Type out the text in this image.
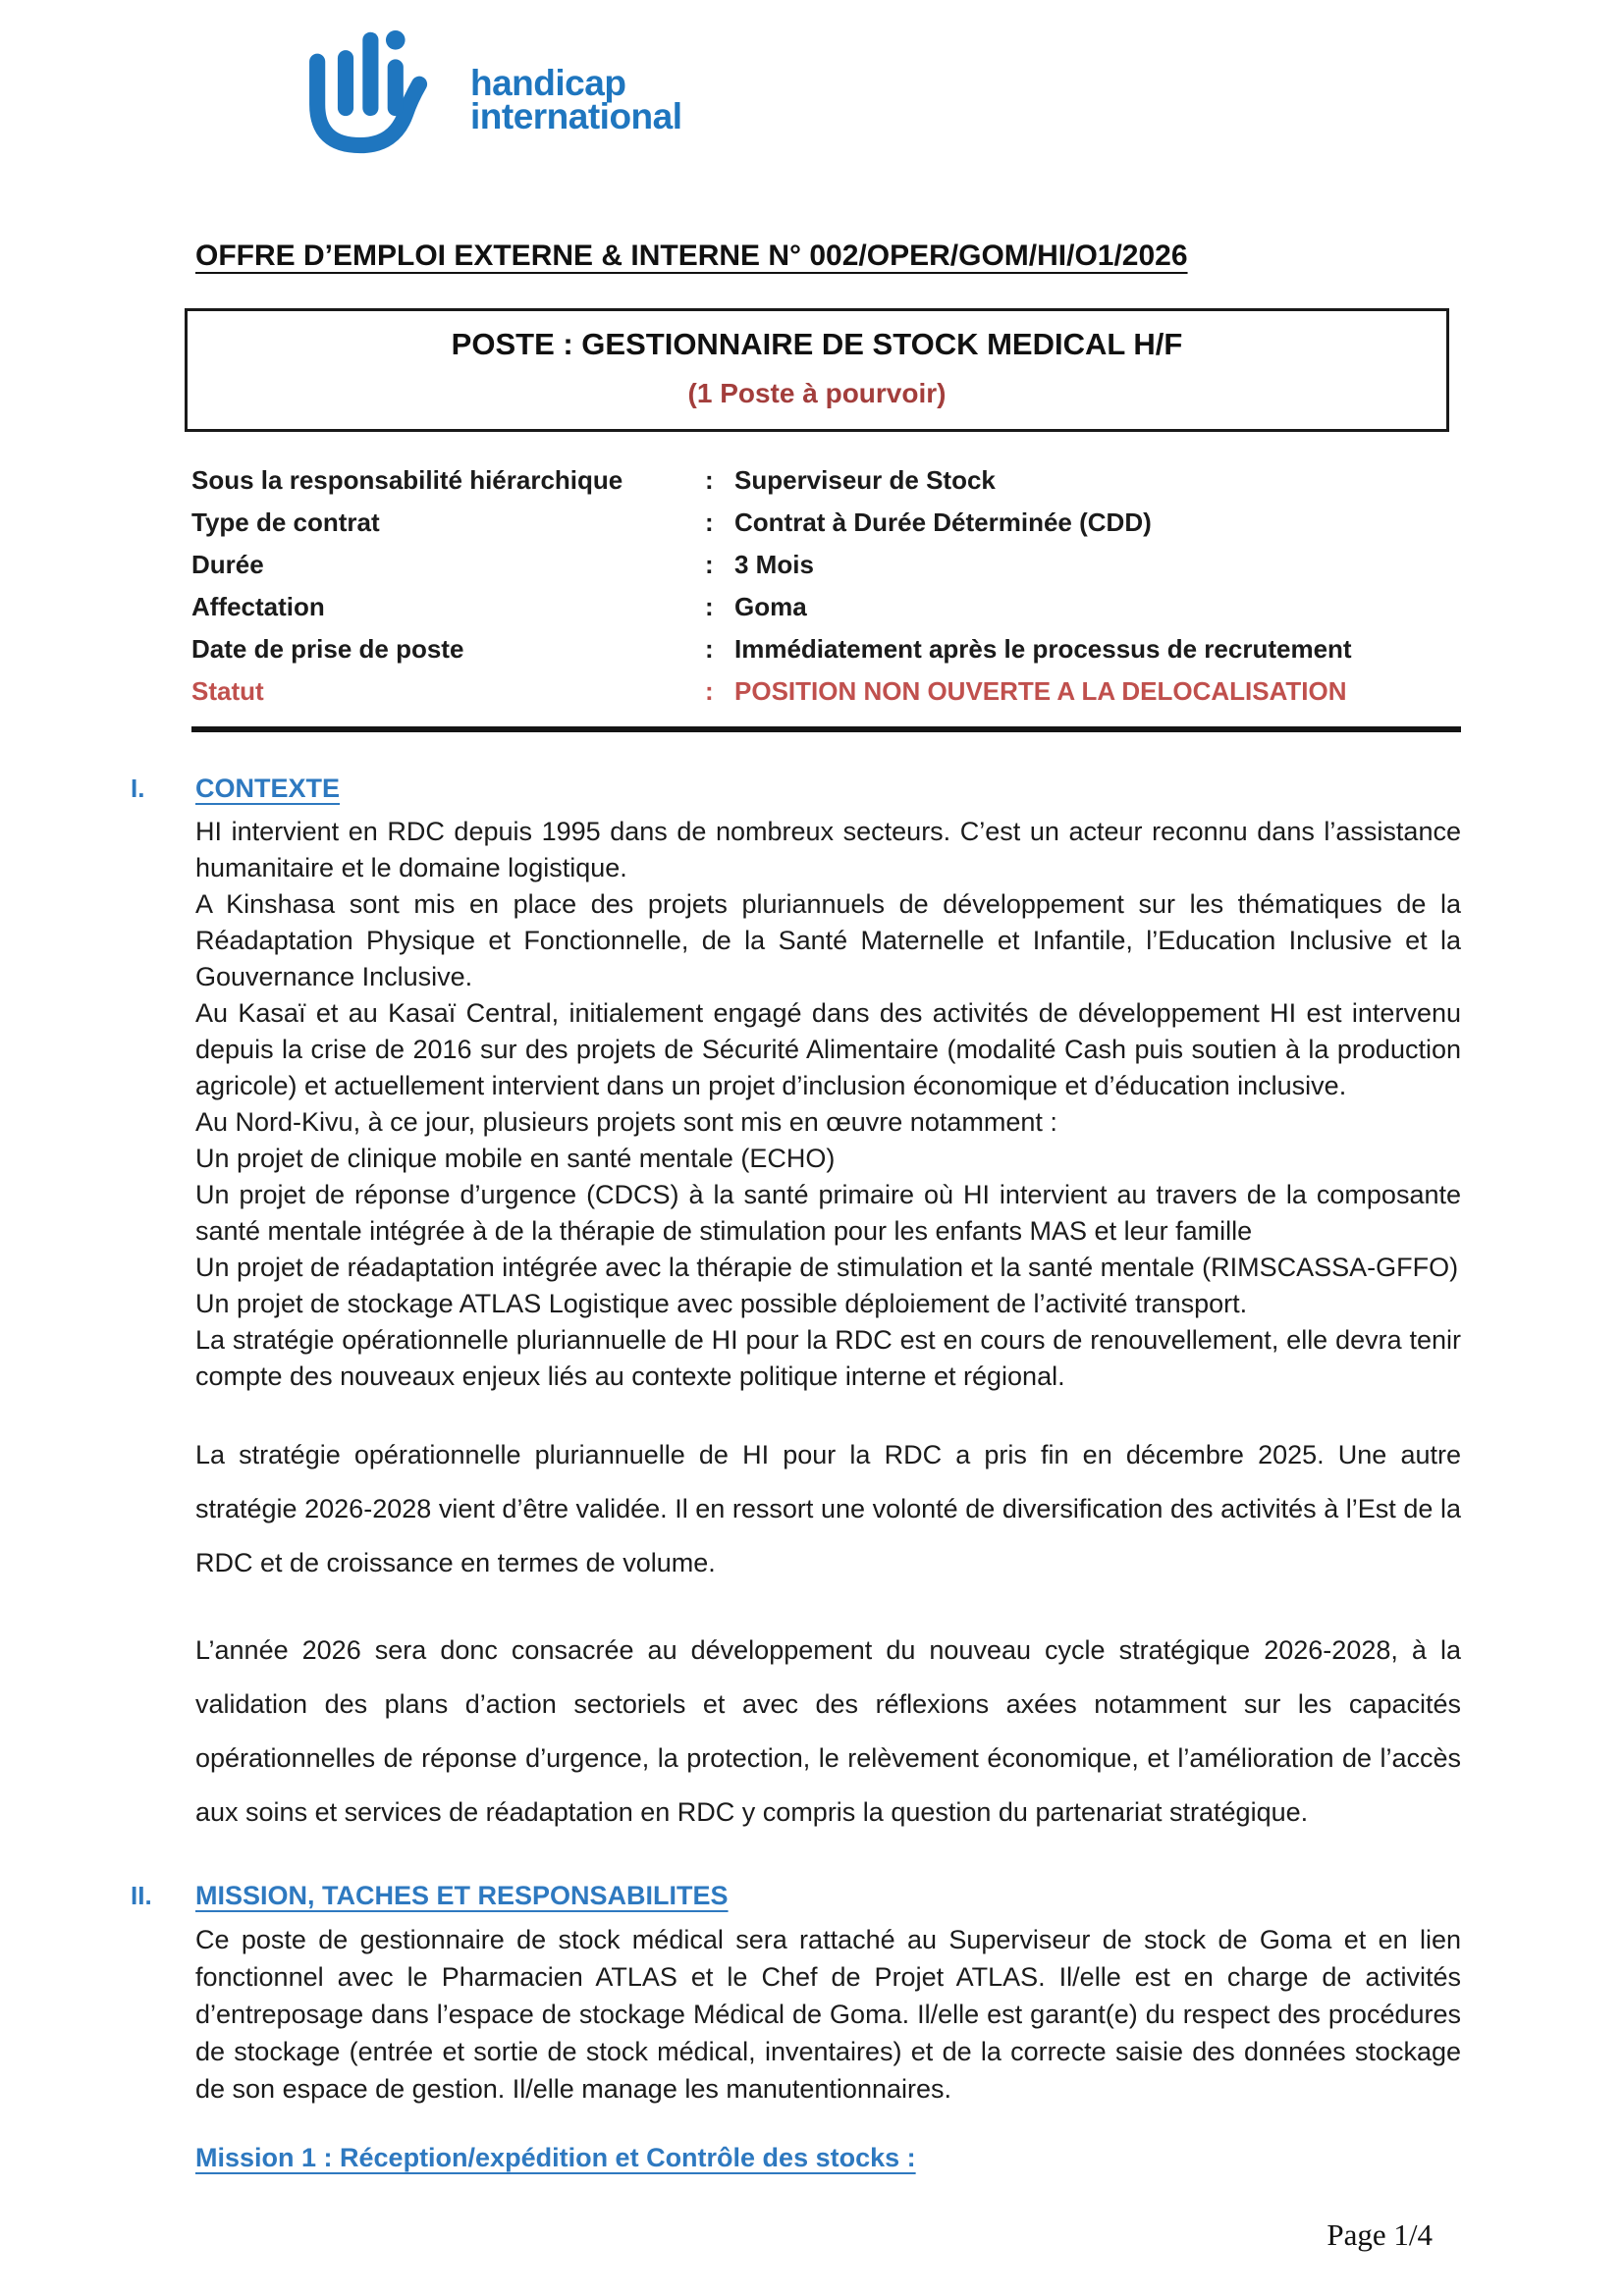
handicap
international
OFFRE D’EMPLOI EXTERNE & INTERNE N° 002/OPER/GOM/HI/O1/2026
POSTE : GESTIONNAIRE DE STOCK MEDICAL H/F
(1 Poste à pourvoir)
Sous la responsabilité hiérarchique	: Superviseur de Stock
Type de contrat	: Contrat à Durée Déterminée (CDD)
Durée	: 3 Mois
Affectation	: Goma
Date de prise de poste	: Immédiatement après le processus de recrutement
Statut	: POSITION NON OUVERTE A LA DELOCALISATION
I.	CONTEXTE

HI intervient en RDC depuis 1995 dans de nombreux secteurs. C’est un acteur reconnu dans l’assistance humanitaire et le domaine logistique.

A Kinshasa sont mis en place des projets pluriannuels de développement sur les thématiques de la Réadaptation Physique et Fonctionnelle, de la Santé Maternelle et Infantile, l’Education Inclusive et la Gouvernance Inclusive.

Au Kasaï et au Kasaï Central, initialement engagé dans des activités de développement HI est intervenu depuis la crise de 2016 sur des projets de Sécurité Alimentaire (modalité Cash puis soutien à la production agricole) et actuellement intervient dans un projet d’inclusion économique et d’éducation inclusive.

Au Nord-Kivu, à ce jour, plusieurs projets sont mis en œuvre notamment :

Un projet de clinique mobile en santé mentale (ECHO)

Un projet de réponse d’urgence (CDCS) à la santé primaire où HI intervient au travers de la composante santé mentale intégrée à de la thérapie de stimulation pour les enfants MAS et leur famille

Un projet de réadaptation intégrée avec la thérapie de stimulation et la santé mentale (RIMSCASSA-GFFO)

Un projet de stockage ATLAS Logistique avec possible déploiement de l’activité transport.

La stratégie opérationnelle pluriannuelle de HI pour la RDC est en cours de renouvellement, elle devra tenir compte des nouveaux enjeux liés au contexte politique interne et régional.

La stratégie opérationnelle pluriannuelle de HI pour la RDC a pris fin en décembre 2025. Une autre stratégie 2026-2028 vient d’être validée. Il en ressort une volonté de diversification des activités à l’Est de la RDC et de croissance en termes de volume.

L’année 2026 sera donc consacrée au développement du nouveau cycle stratégique 2026-2028, à la validation des plans d’action sectoriels et avec des réflexions axées notamment sur les capacités opérationnelles de réponse d’urgence, la protection, le relèvement économique, et l’amélioration de l’accès aux soins et services de réadaptation en RDC y compris la question du partenariat stratégique.

II.	MISSION, TACHES ET RESPONSABILITES

Ce poste de gestionnaire de stock médical sera rattaché au Superviseur de stock de Goma et en lien fonctionnel avec le Pharmacien ATLAS et le Chef de Projet ATLAS. Il/elle est en charge de activités d’entreposage dans l’espace de stockage Médical de Goma. Il/elle est garant(e) du respect des procédures de stockage (entrée et sortie de stock médical, inventaires) et de la correcte saisie des données stockage de son espace de gestion. Il/elle manage les manutentionnaires.

Mission 1 : Réception/expédition et Contrôle des stocks :
Page 1/4
